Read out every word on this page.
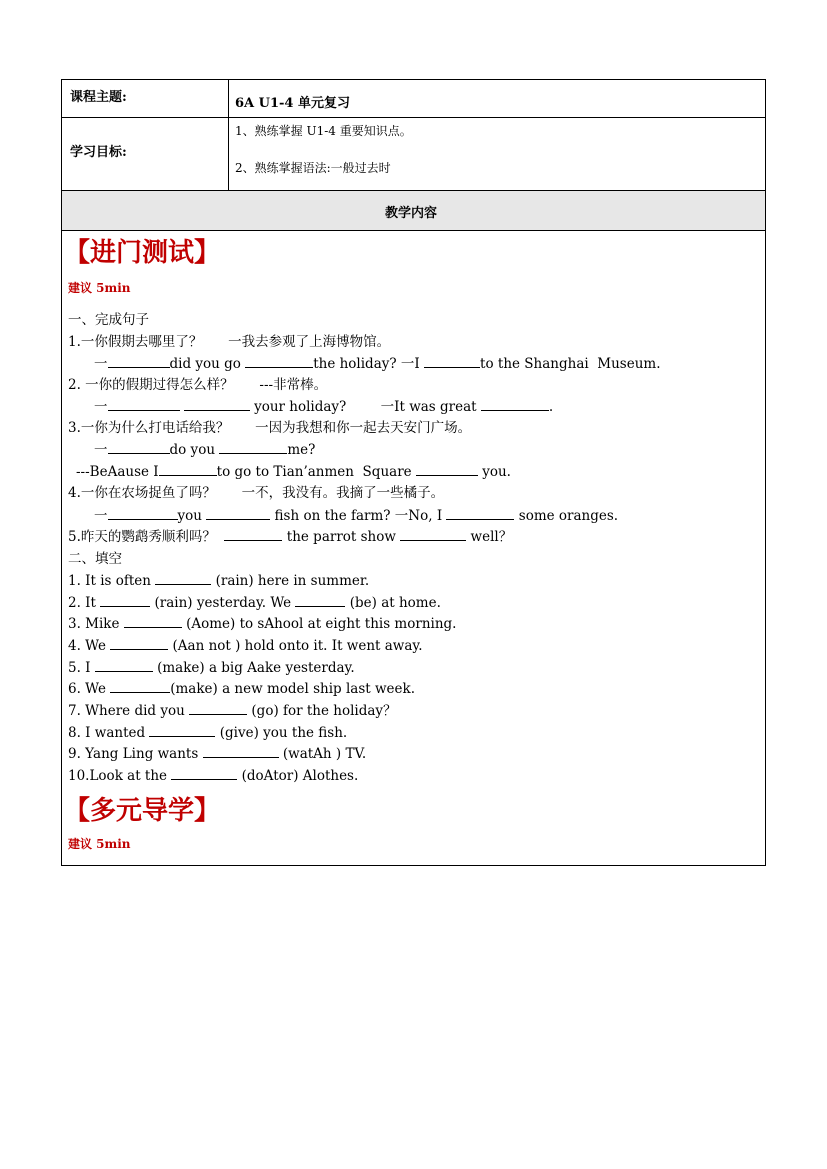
课程主题:	6A U1-4 单元复习
学习目标:
1、熟练掌握 U1-4 重要知识点。
2、熟练掌握语法:一般过去时
教学内容
【进门测试】
建议 5min
一、完成句子
1.一你假期去哪里了？      一我去参观了上海博物馆。
一	did you go	the holiday? 一I	to the Shanghai  Museum.
2. 一你的假期过得怎么样？      ---非常棒。
一	your holiday?	一It was great	.
3.一你为什么打电话给我？      一因为我想和你一起去天安门广场。
一	do you	me?
---BeAause I	to go to Tian’anmen  Square	you.
4.一你在农场捉鱼了吗？      一不，我没有。我摘了一些橘子。
一	you	fish on the farm? 一No, I	some oranges.
5.昨天的鹦鹉秀顺利吗？	the parrot show	well？
二、填空
1. It is often	(rain) here in summer.
2. It	(rain) yesterday. We	(be) at home.
3. Mike	(Aome) to sAhool at eight this morning.
4. We	(Aan not ) hold onto it. It went away.
5. I	(make) a big Aake yesterday.
6. We	(make) a new model ship last week.
7. Where did you	(go) for the holiday？
8. I wanted	(give) you the fish.
9. Yang Ling wants	(watAh ) TV.
10.Look at the	(doAtor) Alothes.
【多元导学】
建议 5min
